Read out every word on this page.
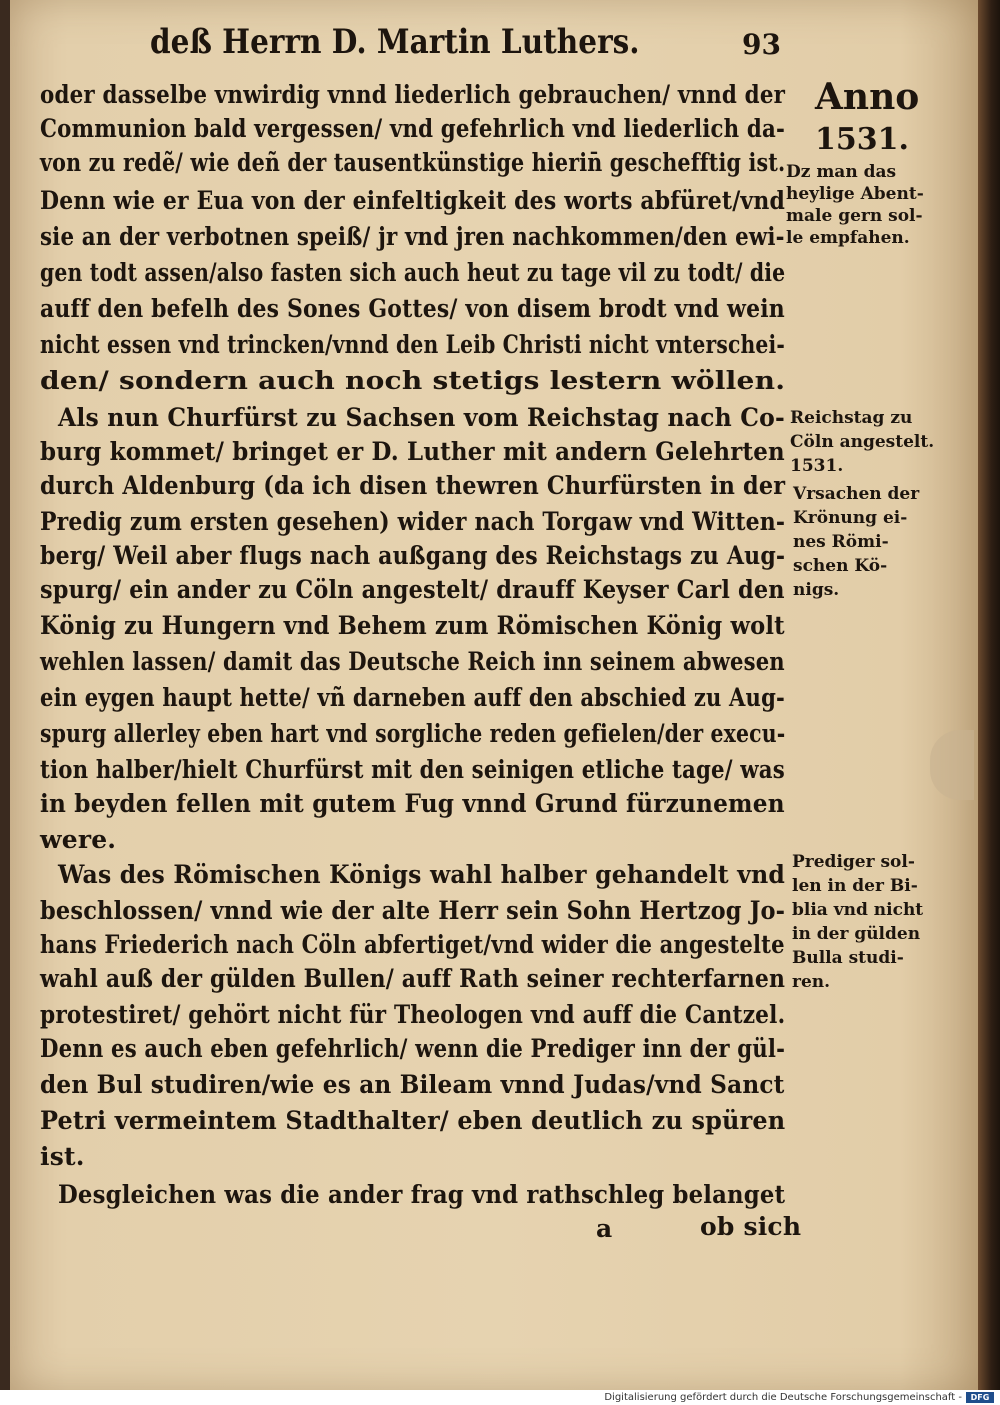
deß Herrn D. Martin Luthers.	93
oder dasselbe vnwirdig vnnd liederlich gebrauchen/ vnnd der
Communion bald vergessen/ vnd gefehrlich vnd liederlich da-
von zu redẽ/ wie deñ der tausentkünstige hierin̄ geschefftig ist.
Denn wie er Eua von der einfeltigkeit des worts abfüret/vnd
sie an der verbotnen speiß/ jr vnd jren nachkommen/den ewi-
gen todt assen/also fasten sich auch heut zu tage vil zu todt/ die
auff den befelh des Sones Gottes/ von disem brodt vnd wein
nicht essen vnd trincken/vnnd den Leib Christi nicht vnterschei-
den/ sondern auch noch stetigs lestern wöllen.
Als nun Churfürst zu Sachsen vom Reichstag nach Co-
burg kommet/ bringet er D. Luther mit andern Gelehrten
durch Aldenburg (da ich disen thewren Churfürsten in der
Predig zum ersten gesehen) wider nach Torgaw vnd Witten-
berg/ Weil aber flugs nach außgang des Reichstags zu Aug-
spurg/ ein ander zu Cöln angestelt/ drauff Keyser Carl den
König zu Hungern vnd Behem zum Römischen König wolt
wehlen lassen/ damit das Deutsche Reich inn seinem abwesen
ein eygen haupt hette/ vñ darneben auff den abschied zu Aug-
spurg allerley eben hart vnd sorgliche reden gefielen/der execu-
tion halber/hielt Churfürst mit den seinigen etliche tage/ was
in beyden fellen mit gutem Fug vnnd Grund fürzunemen
were.
Was des Römischen Königs wahl halber gehandelt vnd
beschlossen/ vnnd wie der alte Herr sein Sohn Hertzog Jo-
hans Friederich nach Cöln abfertiget/vnd wider die angestelte
wahl auß der gülden Bullen/ auff Rath seiner rechterfarnen
protestiret/ gehört nicht für Theologen vnd auff die Cantzel.
Denn es auch eben gefehrlich/ wenn die Prediger inn der gül-
den Bul studiren/wie es an Bileam vnnd Judas/vnd Sanct
Petri vermeintem Stadthalter/ eben deutlich zu spüren
ist.
Desgleichen was die ander frag vnd rathschleg belanget
a	ob sich
Anno
1531.
Dz man das
heylige Abent-
male gern sol-
le empfahen.
Reichstag zu
Cöln angestelt.
1531.
Vrsachen der
Krönung ei-
nes Römi-
schen Kö-
nigs.
Prediger sol-
len in der Bi-
blia vnd nicht
in der gülden
Bulla studi-
ren.
Digitalisierung gefördert durch die Deutsche Forschungsgemeinschaft -	DFG
